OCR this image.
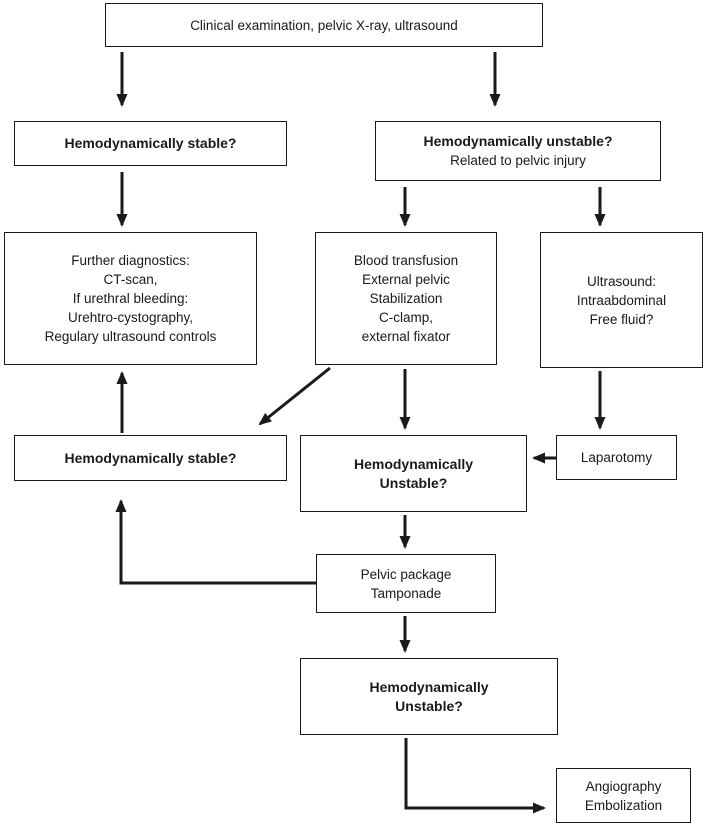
Clinical examination, pelvic X-ray, ultrasound
Hemodynamically stable?	Hemodynamically unstable?
Related to pelvic injury
Further diagnostics:
CT-scan,
If urethral bleeding:
Urehtro-cystography,
Regulary ultrasound controls
Blood transfusion
External pelvic
Stabilization
C-clamp,
external fixator
Ultrasound:
Intraabdominal
Free fluid?
Hemodynamically stable?	Hemodynamically
Unstable?
Laparotomy
Pelvic package
Tamponade
Hemodynamically
Unstable?
Angiography
Embolization
